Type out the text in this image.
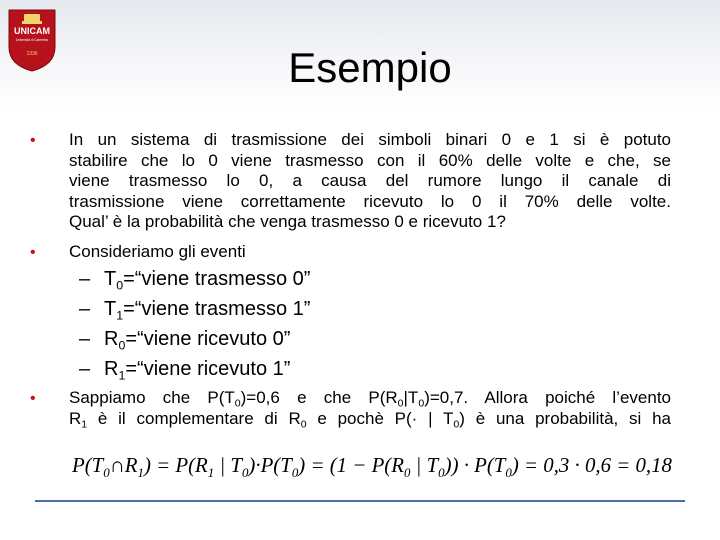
UNICAM
Università di Camerino
1336	Esempio
• In un sistema di trasmissione dei simboli binari 0 e 1 si è potuto
stabilire che lo 0 viene trasmesso con il 60% delle volte e che, se
viene trasmesso lo 0, a causa del rumore lungo il canale di
trasmissione viene correttamente ricevuto lo 0 il 70% delle volte.
Qual’ è la probabilità che venga trasmesso 0 e ricevuto 1?
• Consideriamo gli eventi
– $T_0=“viene$ trasmesso 0”
– $T_1=“viene$ trasmesso 1”
– $R_0=“viene$ ricevuto 0”
– $R_1=“viene$ ricevuto 1”
• Sappiamo che $P(T_0)=0,6$ e che $P(R_0|T_0)=0,7$. Allora poiché l’evento
$R_1$ è il complementare di $R_0$ e pochè P(· | $T_0$) è una probabilità, si ha
$P(T_0\cap R_1) = P(R_1$ | $T_0)\cdot P(T_0) = (1 - P(R_0$ | $T_0)) \cdot P(T_0) = 0,3 \cdot 0,6 = 0,18$
